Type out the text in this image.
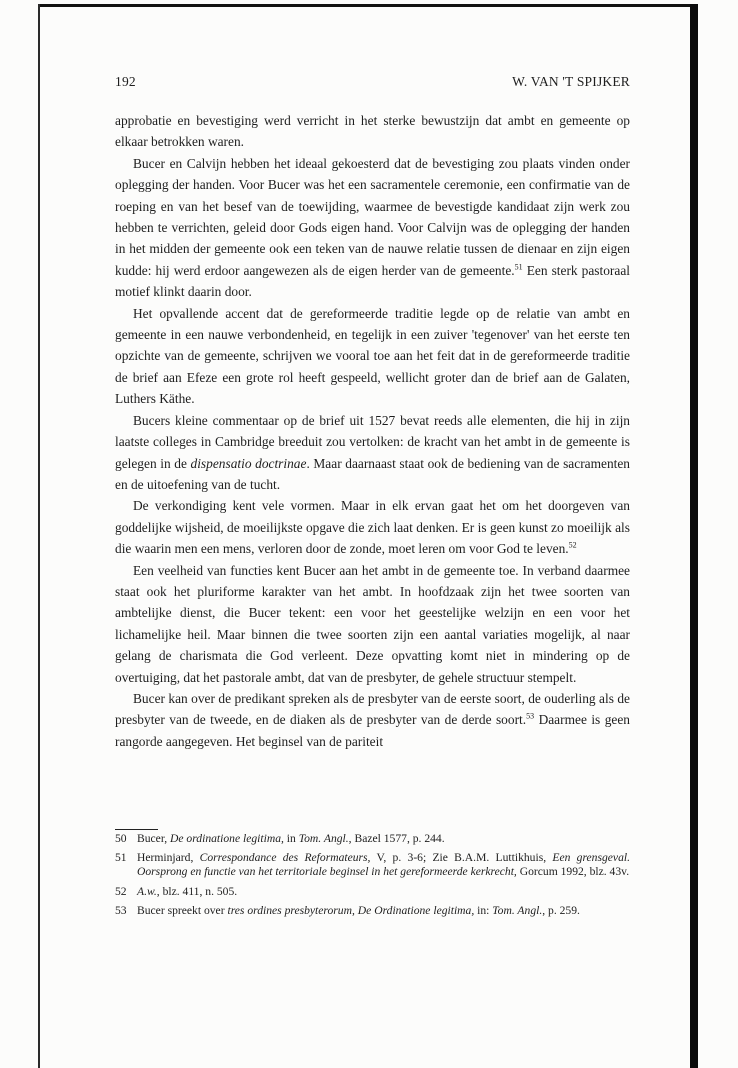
192	W. VAN 'T SPIJKER

approbatie en bevestiging werd verricht in het sterke bewustzijn dat ambt en gemeente op elkaar betrokken waren.

Bucer en Calvijn hebben het ideaal gekoesterd dat de bevestiging zou plaats vinden onder oplegging der handen. Voor Bucer was het een sacramentele ceremonie, een confirmatie van de roeping en van het besef van de toewijding, waarmee de bevestigde kandidaat zijn werk zou hebben te verrichten, geleid door Gods eigen hand. Voor Calvijn was de oplegging der handen in het midden der gemeente ook een teken van de nauwe relatie tussen de dienaar en zijn eigen kudde: hij werd erdoor aangewezen als de eigen herder van de gemeente.$^{51}$ Een sterk pastoraal motief klinkt daarin door.

Het opvallende accent dat de gereformeerde traditie legde op de relatie van ambt en gemeente in een nauwe verbondenheid, en tegelijk in een zuiver 'tegenover' van het eerste ten opzichte van de gemeente, schrijven we vooral toe aan het feit dat in de gereformeerde traditie de brief aan Efeze een grote rol heeft gespeeld, wellicht groter dan de brief aan de Galaten, Luthers Käthe.

Bucers kleine commentaar op de brief uit 1527 bevat reeds alle elementen, die hij in zijn laatste colleges in Cambridge breeduit zou vertolken: de kracht van het ambt in de gemeente is gelegen in de dispensatio doctrinae. Maar daarnaast staat ook de bediening van de sacramenten en de uitoefening van de tucht.

De verkondiging kent vele vormen. Maar in elk ervan gaat het om het doorgeven van goddelijke wijsheid, de moeilijkste opgave die zich laat denken. Er is geen kunst zo moeilijk als die waarin men een mens, verloren door de zonde, moet leren om voor God te leven.$^{52}$

Een veelheid van functies kent Bucer aan het ambt in de gemeente toe. In verband daarmee staat ook het pluriforme karakter van het ambt. In hoofdzaak zijn het twee soorten van ambtelijke dienst, die Bucer tekent: een voor het geestelijke welzijn en een voor het lichamelijke heil. Maar binnen die twee soorten zijn een aantal variaties mogelijk, al naar gelang de charismata die God verleent. Deze opvatting komt niet in mindering op de overtuiging, dat het pastorale ambt, dat van de presbyter, de gehele structuur stempelt.

Bucer kan over de predikant spreken als de presbyter van de eerste soort, de ouderling als de presbyter van de tweede, en de diaken als de presbyter van de derde soort.$^{53}$ Daarmee is geen rangorde aangegeven. Het beginsel van de pariteit

50 Bucer, De ordinatione legitima, in Tom. Angl., Bazel 1577, p. 244.
51 Herminjard, Correspondance des Reformateurs, V, p. 3-6; Zie B.A.M. Luttikhuis, Een grensgeval. Oorsprong en functie van het territoriale beginsel in het gereformeerde kerkrecht, Gorcum 1992, blz. 43v.
52 A.w., blz. 411, n. 505.
53 Bucer spreekt over tres ordines presbyterorum, De Ordinatione legitima, in: Tom. Angl., p. 259.
